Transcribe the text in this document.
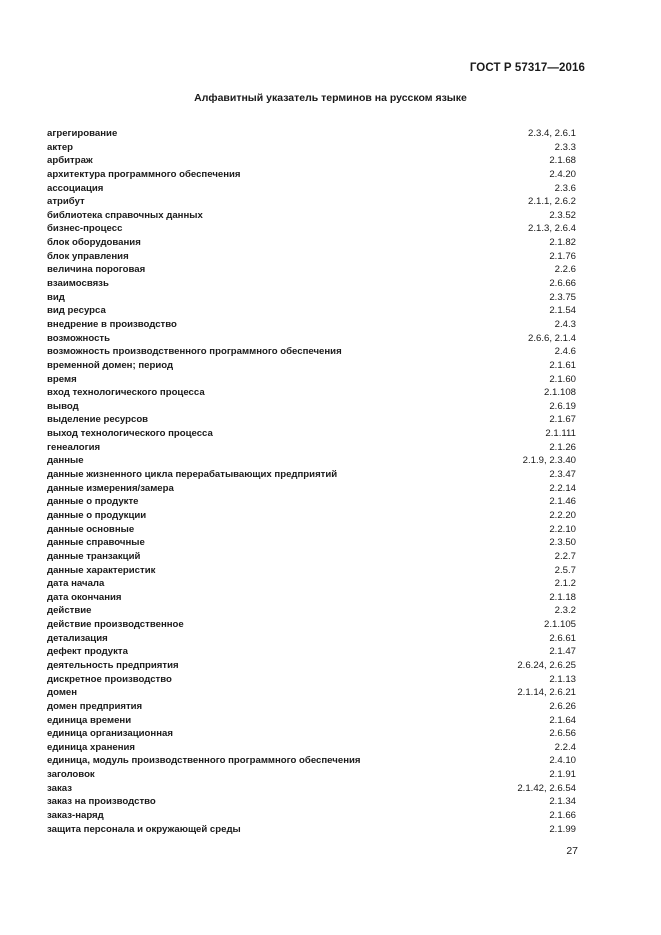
ГОСТ Р 57317—2016
Алфавитный указатель терминов на русском языке
агрегирование	2.3.4, 2.6.1
актер	2.3.3
арбитраж	2.1.68
архитектура программного обеспечения	2.4.20
ассоциация	2.3.6
атрибут	2.1.1, 2.6.2
библиотека справочных данных	2.3.52
бизнес-процесс	2.1.3, 2.6.4
блок оборудования	2.1.82
блок управления	2.1.76
величина пороговая	2.2.6
взаимосвязь	2.6.66
вид	2.3.75
вид ресурса	2.1.54
внедрение в производство	2.4.3
возможность	2.6.6, 2.1.4
возможность производственного программного обеспечения	2.4.6
временной домен; период	2.1.61
время	2.1.60
вход технологического процесса	2.1.108
вывод	2.6.19
выделение ресурсов	2.1.67
выход технологического процесса	2.1.111
генеалогия	2.1.26
данные	2.1.9, 2.3.40
данные жизненного цикла перерабатывающих предприятий	2.3.47
данные измерения/замера	2.2.14
данные о продукте	2.1.46
данные о продукции	2.2.20
данные основные	2.2.10
данные справочные	2.3.50
данные транзакций	2.2.7
данные характеристик	2.5.7
дата начала	2.1.2
дата окончания	2.1.18
действие	2.3.2
действие производственное	2.1.105
детализация	2.6.61
дефект продукта	2.1.47
деятельность предприятия	2.6.24, 2.6.25
дискретное производство	2.1.13
домен	2.1.14, 2.6.21
домен предприятия	2.6.26
единица времени	2.1.64
единица организационная	2.6.56
единица хранения	2.2.4
единица, модуль производственного программного обеспечения	2.4.10
заголовок	2.1.91
заказ	2.1.42, 2.6.54
заказ на производство	2.1.34
заказ-наряд	2.1.66
защита персонала и окружающей среды	2.1.99
27
